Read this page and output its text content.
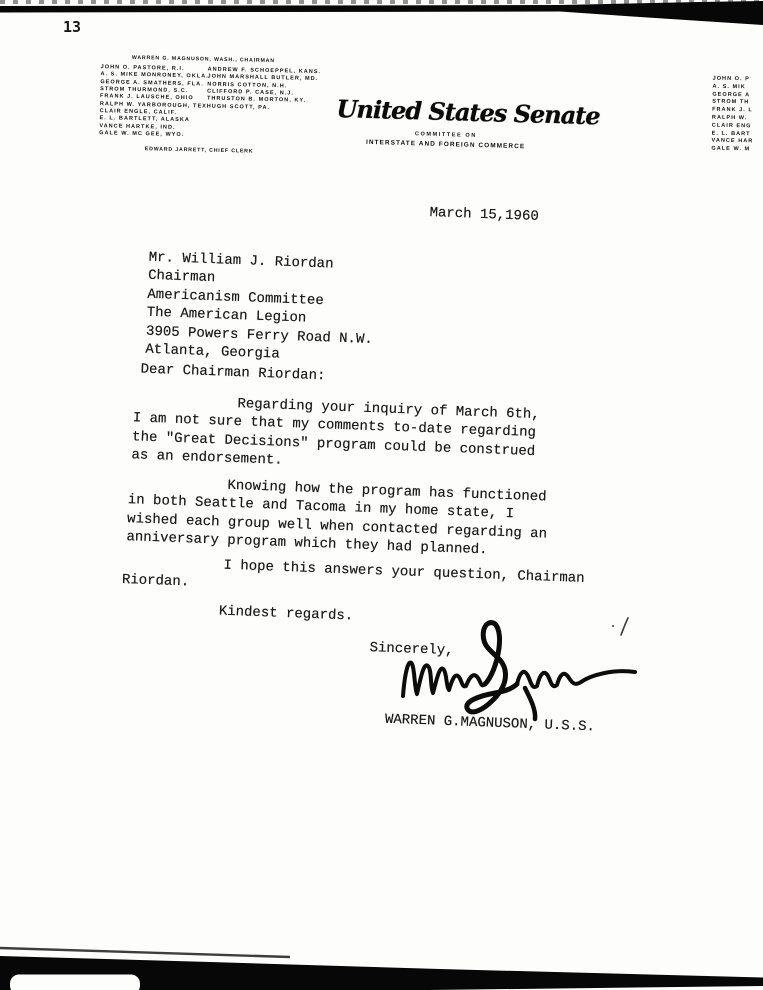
13
WARREN G. MAGNUSON, WASH., CHAIRMAN
JOHN O. PASTORE, R.I.
A. S. MIKE MONRONEY, OKLA.
GEORGE A. SMATHERS, FLA.
STROM THURMOND, S.C.
FRANK J. LAUSCHE, OHIO
RALPH W. YARBOROUGH, TEX.
CLAIR ENGLE, CALIF.
E. L. BARTLETT, ALASKA
VANCE HARTKE, IND.
GALE W. MC GEE, WYO.
ANDREW F. SCHOEPPEL, KANS.
JOHN MARSHALL BUTLER, MD.
NORRIS COTTON, N.H.
CLIFFORD P. CASE, N.J.
THRUSTON B. MORTON, KY.
HUGH SCOTT, PA.
EDWARD JARRETT, CHIEF CLERK
United States Senate
COMMITTEE ON
INTERSTATE AND FOREIGN COMMERCE
JOHN O. P
A. S. MIK
GEORGE A
STROM TH
FRANK J. L
RALPH W.
CLAIR ENG
E. L. BART
VANCE HAR
GALE W. M
March 15,1960
Mr. William J. Riordan
Chairman
Americanism Committee
The American Legion
3905 Powers Ferry Road N.W.
Atlanta, Georgia
Dear Chairman Riordan:
Regarding your inquiry of March 6th,
I am not sure that my comments to-date regarding
the "Great Decisions" program could be construed
as an endorsement.
Knowing how the program has functioned
in both Seattle and Tacoma in my home state, I
wished each group well when contacted regarding an
anniversary program which they had planned.
I hope this answers your question, Chairman
Riordan.
Kindest regards.
Sincerely,
WARREN G.MAGNUSON, U.S.S.
